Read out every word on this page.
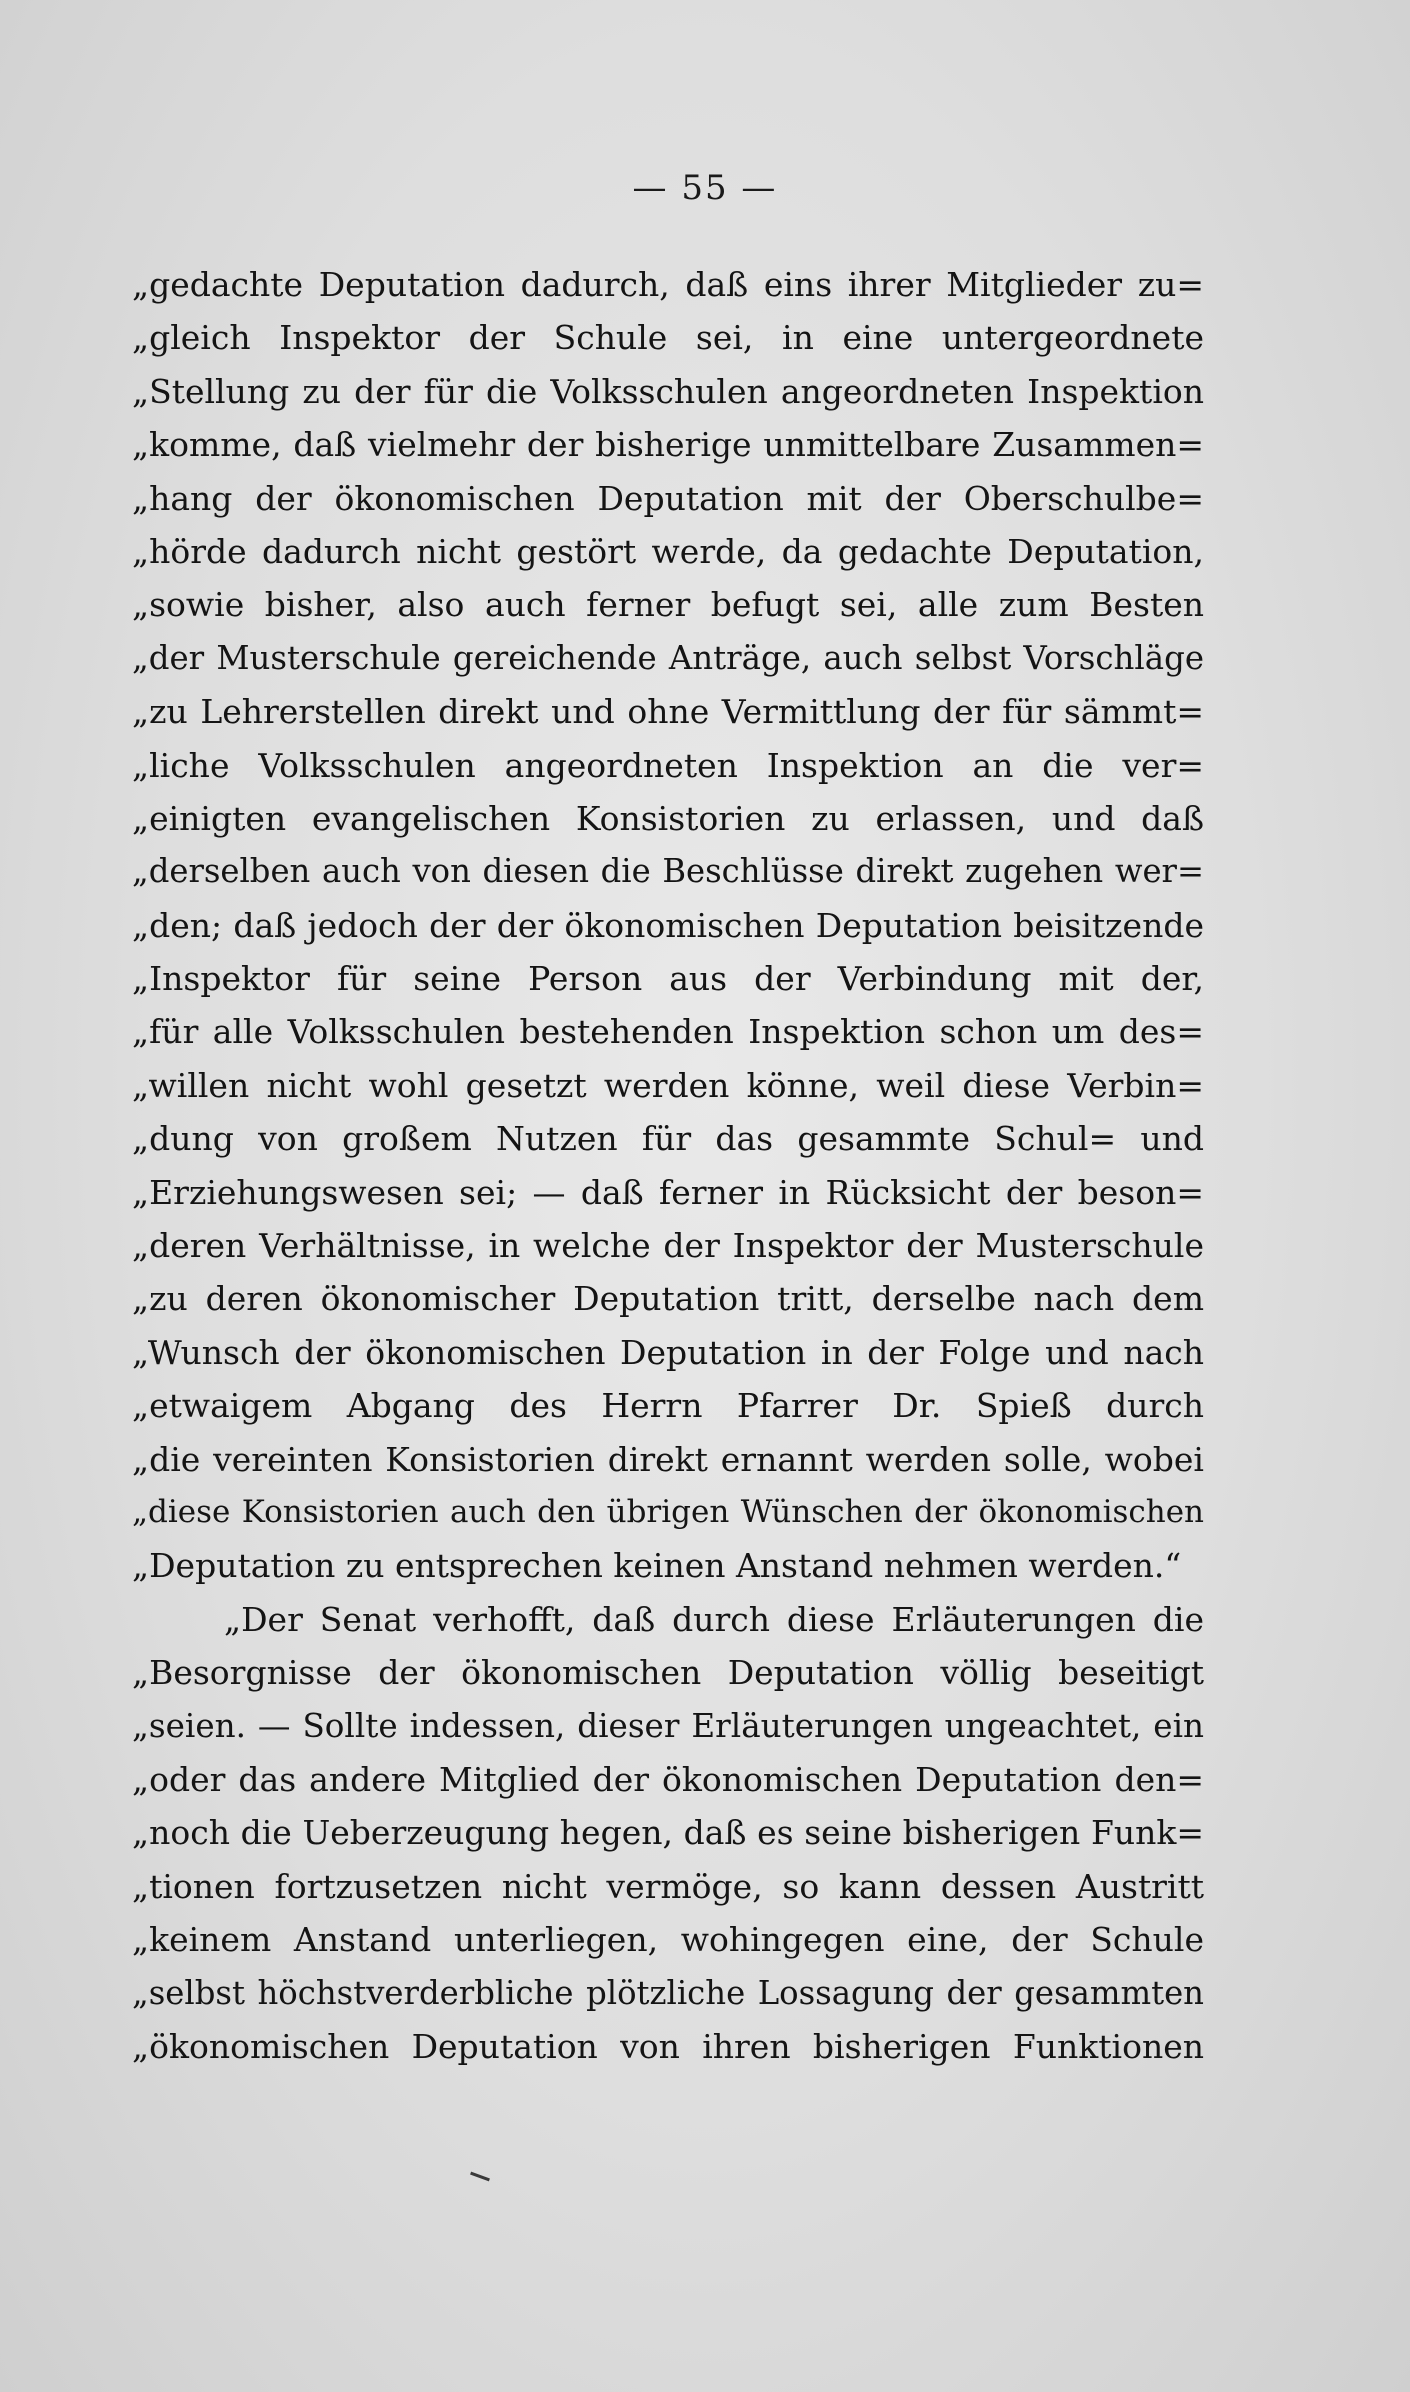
— 55 —
„gedachte Deputation dadurch, daß eins ihrer Mitglieder zu=
„gleich Inspektor der Schule sei, in eine untergeordnete
„Stellung zu der für die Volksschulen angeordneten Inspektion
„komme, daß vielmehr der bisherige unmittelbare Zusammen=
„hang der ökonomischen Deputation mit der Oberschulbe=
„hörde dadurch nicht gestört werde, da gedachte Deputation,
„sowie bisher, also auch ferner befugt sei, alle zum Besten
„der Musterschule gereichende Anträge, auch selbst Vorschläge
„zu Lehrerstellen direkt und ohne Vermittlung der für sämmt=
„liche Volksschulen angeordneten Inspektion an die ver=
„einigten evangelischen Konsistorien zu erlassen, und daß
„derselben auch von diesen die Beschlüsse direkt zugehen wer=
„den; daß jedoch der der ökonomischen Deputation beisitzende
„Inspektor für seine Person aus der Verbindung mit der,
„für alle Volksschulen bestehenden Inspektion schon um des=
„willen nicht wohl gesetzt werden könne, weil diese Verbin=
„dung von großem Nutzen für das gesammte Schul= und
„Erziehungswesen sei; — daß ferner in Rücksicht der beson=
„deren Verhältnisse, in welche der Inspektor der Musterschule
„zu deren ökonomischer Deputation tritt, derselbe nach dem
„Wunsch der ökonomischen Deputation in der Folge und nach
„etwaigem Abgang des Herrn Pfarrer Dr. Spieß durch
„die vereinten Konsistorien direkt ernannt werden solle, wobei
„diese Konsistorien auch den übrigen Wünschen der ökonomischen
„Deputation zu entsprechen keinen Anstand nehmen werden.“
„Der Senat verhofft, daß durch diese Erläuterungen die
„Besorgnisse der ökonomischen Deputation völlig beseitigt
„seien. — Sollte indessen, dieser Erläuterungen ungeachtet, ein
„oder das andere Mitglied der ökonomischen Deputation den=
„noch die Ueberzeugung hegen, daß es seine bisherigen Funk=
„tionen fortzusetzen nicht vermöge, so kann dessen Austritt
„keinem Anstand unterliegen, wohingegen eine, der Schule
„selbst höchstverderbliche plötzliche Lossagung der gesammten
„ökonomischen Deputation von ihren bisherigen Funktionen
